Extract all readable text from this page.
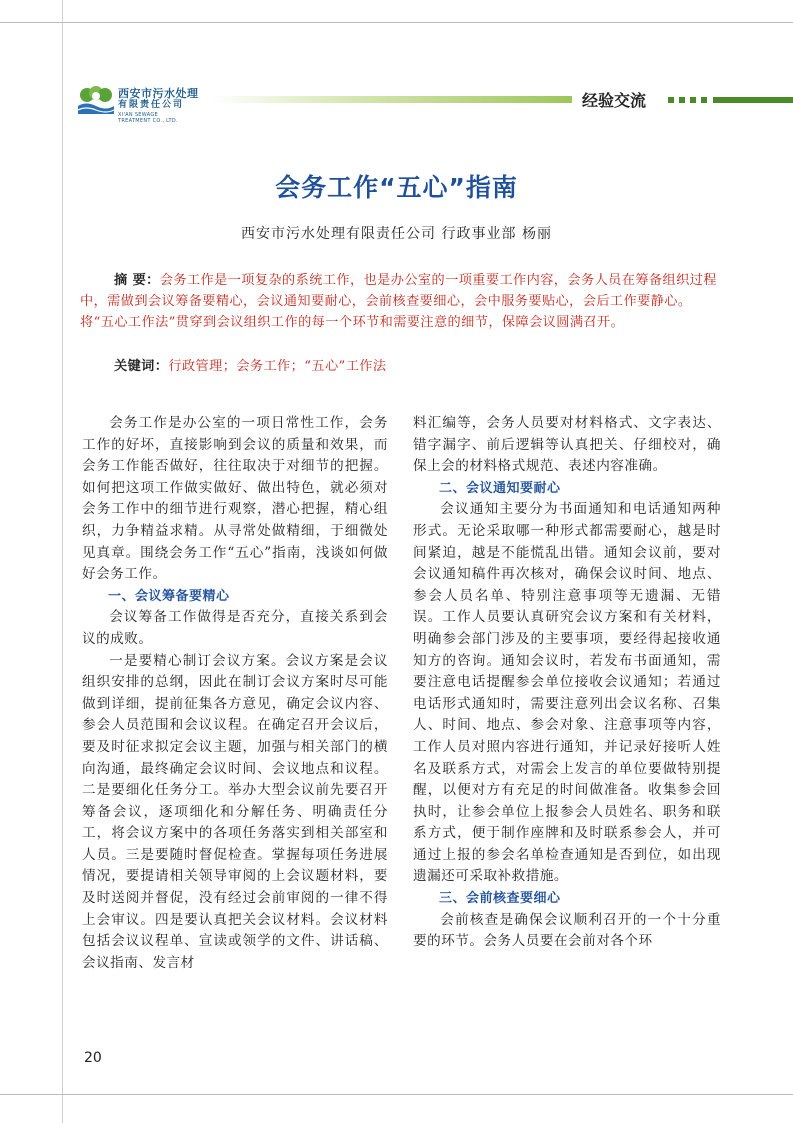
西安市污水处理
有限责任公司
XI'AN SEWAGE
TREATMENT CO., LTD.
经验交流
会务工作“五心”指南
西安市污水处理有限责任公司 行政事业部 杨丽
摘 要：会务工作是一项复杂的系统工作，也是办公室的一项重要工作内容，会务人员在筹备组织过程中，需做到会议筹备要精心，会议通知要耐心，会前核查要细心，会中服务要贴心，会后工作要静心。将“五心工作法”贯穿到会议组织工作的每一个环节和需要注意的细节，保障会议圆满召开。
关键词：行政管理；会务工作；“五心”工作法

会务工作是办公室的一项日常性工作，会务工作的好坏，直接影响到会议的质量和效果，而会务工作能否做好，往往取决于对细节的把握。如何把这项工作做实做好、做出特色，就必须对会务工作中的细节进行观察，潜心把握，精心组织，力争精益求精。从寻常处做精细，于细微处见真章。围绕会务工作“五心”指南，浅谈如何做好会务工作。

一、会议筹备要精心

会议筹备工作做得是否充分，直接关系到会议的成败。

一是要精心制订会议方案。会议方案是会议组织安排的总纲，因此在制订会议方案时尽可能做到详细，提前征集各方意见，确定会议内容、参会人员范围和会议议程。在确定召开会议后，要及时征求拟定会议主题，加强与相关部门的横向沟通，最终确定会议时间、会议地点和议程。二是要细化任务分工。举办大型会议前先要召开筹备会议，逐项细化和分解任务、明确责任分工，将会议方案中的各项任务落实到相关部室和人员。三是要随时督促检查。掌握每项任务进展情况，要提请相关领导审阅的上会议题材料，要及时送阅并督促，没有经过会前审阅的一律不得上会审议。四是要认真把关会议材料。会议材料包括会议议程单、宣读或领学的文件、讲话稿、会议指南、发言材

料汇编等，会务人员要对材料格式、文字表达、错字漏字、前后逻辑等认真把关、仔细校对，确保上会的材料格式规范、表述内容准确。

二、会议通知要耐心

会议通知主要分为书面通知和电话通知两种形式。无论采取哪一种形式都需要耐心，越是时间紧迫，越是不能慌乱出错。通知会议前，要对会议通知稿件再次核对，确保会议时间、地点、参会人员名单、特别注意事项等无遗漏、无错误。工作人员要认真研究会议方案和有关材料，明确参会部门涉及的主要事项，要经得起接收通知方的咨询。通知会议时，若发布书面通知，需要注意电话提醒参会单位接收会议通知；若通过电话形式通知时，需要注意列出会议名称、召集人、时间、地点、参会对象、注意事项等内容，工作人员对照内容进行通知，并记录好接听人姓名及联系方式，对需会上发言的单位要做特别提醒，以便对方有充足的时间做准备。收集参会回执时，让参会单位上报参会人员姓名、职务和联系方式，便于制作座牌和及时联系参会人，并可通过上报的参会名单检查通知是否到位，如出现遗漏还可采取补救措施。

三、会前核查要细心

会前核查是确保会议顺利召开的一个十分重要的环节。会务人员要在会前对各个环

20
